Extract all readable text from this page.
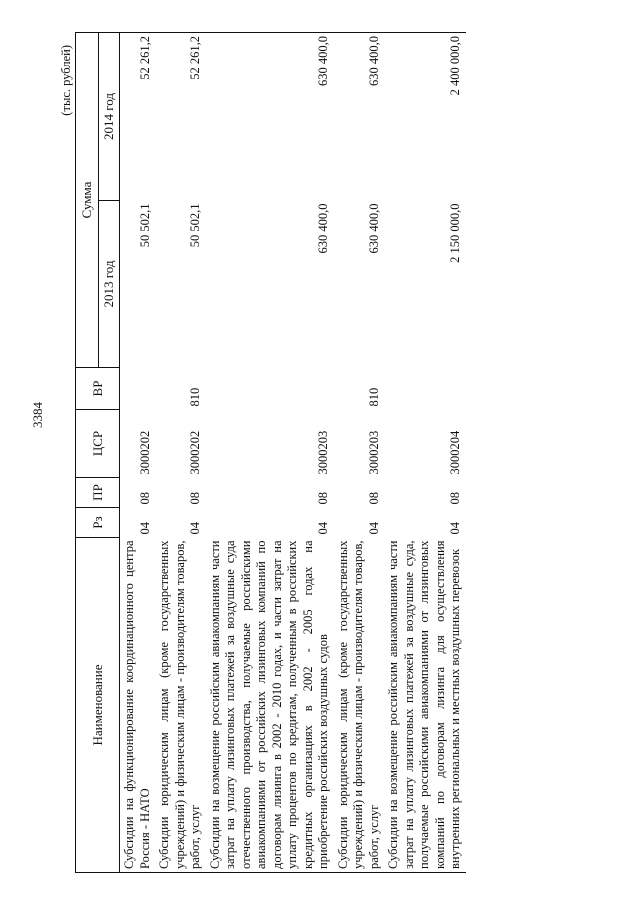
3384
(тыс. рублей)
Наименование	Рз	ПР	ЦСР	ВР	Сумма	
					2013 год	2014 год
Субсидии на функционирование координационного центра Россия - НАТО	04	08	3000202		50 502,1	52 261,2
Субсидии юридическим лицам (кроме государственных учреждений) и физическим лицам - производителям товаров, работ, услуг	04	08	3000202	810	50 502,1	52 261,2
Субсидии на возмещение российским авиакомпаниям части затрат на уплату лизинговых платежей за воздушные суда отечественного производства, получаемые российскими авиакомпаниями от российских лизинговых компаний по договорам лизинга в 2002 - 2010 годах, и части затрат на уплату процентов по кредитам, полученным в российских кредитных организациях в 2002 - 2005 годах на приобретение российских воздушных судов	04	08	3000203		630 400,0	630 400,0
Субсидии юридическим лицам (кроме государственных учреждений) и физическим лицам - производителям товаров, работ, услуг	04	08	3000203	810	630 400,0	630 400,0
Субсидии на возмещение российским авиакомпаниям части затрат на уплату лизинговых платежей за воздушные суда, получаемые российскими авиакомпаниями от лизинговых компаний по договорам лизинга для осуществления внутренних региональных и местных воздушных перевозок	04	08	3000204		2 150 000,0	2 400 000,0
